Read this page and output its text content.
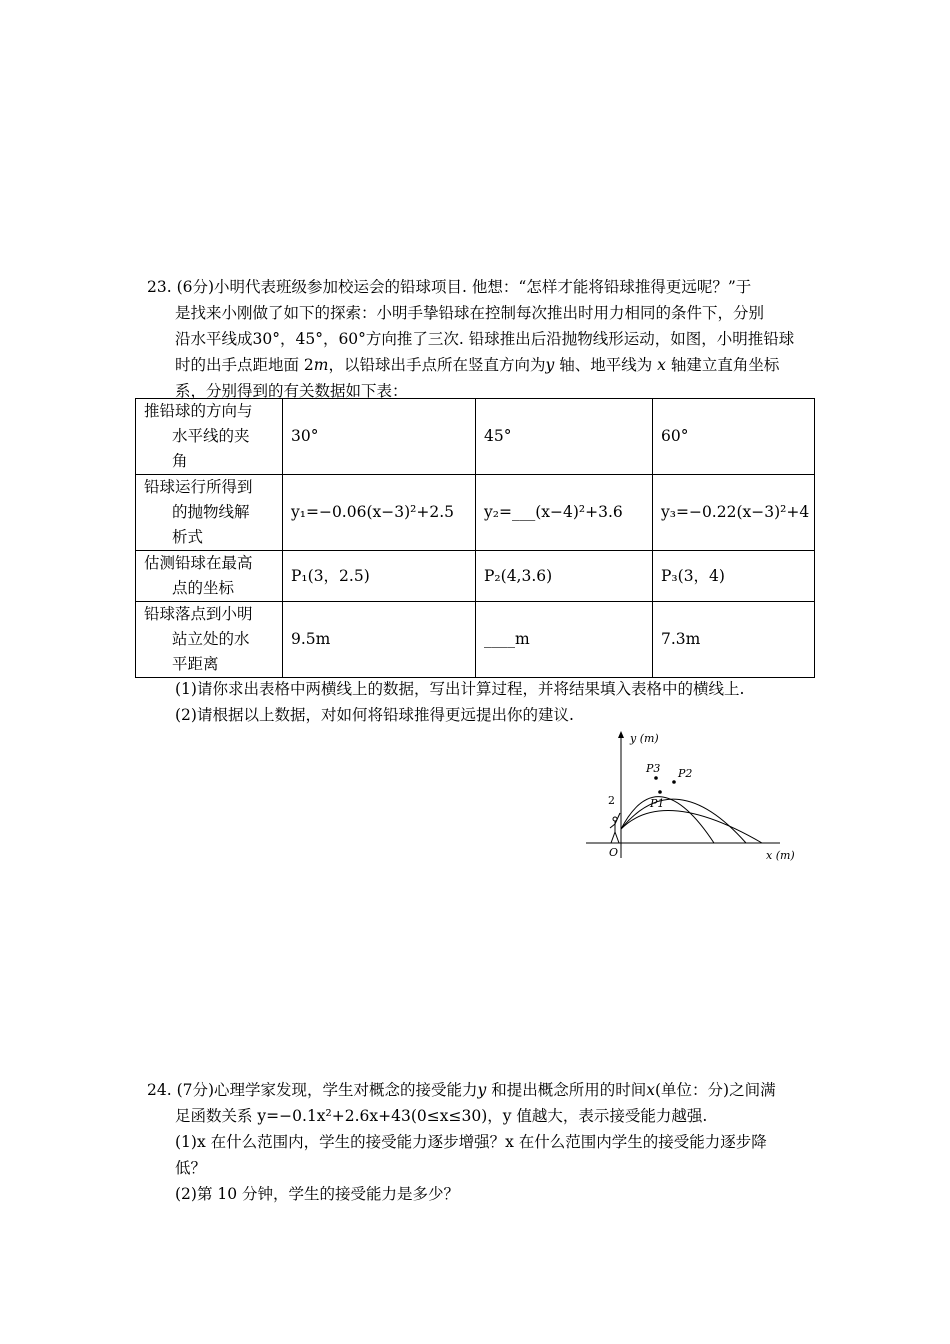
23. (6分)小明代表班级参加校运会的铅球项目. 他想：“怎样才能将铅球推得更远呢？”于

是找来小刚做了如下的探索：小明手挚铅球在控制每次推出时用力相同的条件下，分别

沿水平线成30°，45°，60°方向推了三次. 铅球推出后沿抛物线形运动，如图，小明推铅球

时的出手点距地面 2m，以铅球出手点所在竖直方向为y 轴、地平线为 x 轴建立直角坐标

系，分别得到的有关数据如下表：

推铅球的方向与
水平线的夹
角	30°	45°	60°
铅球运行所得到
的抛物线解
析式	y₁=−0.06(x−3)²+2.5	y₂=___(x−4)²+3.6	y₃=−0.22(x−3)²+4
估测铅球在最高
点的坐标	P₁(3，2.5)	P₂(4,3.6)	P₃(3，4)
铅球落点到小明
站立处的水
平距离	9.5m	____m	7.3m

(1)请你求出表格中两横线上的数据，写出计算过程，并将结果填入表格中的横线上.

(2)请根据以上数据，对如何将铅球推得更远提出你的建议.

y (m)
x (m)
O
2	P1
P2
P3

24. (7分)心理学家发现，学生对概念的接受能力y 和提出概念所用的时间x(单位：分)之间满

足函数关系 y=−0.1x²+2.6x+43(0≤x≤30)，y 值越大，表示接受能力越强.

(1)x 在什么范围内，学生的接受能力逐步增强？x 在什么范围内学生的接受能力逐步降

低？

(2)第 10 分钟，学生的接受能力是多少？
